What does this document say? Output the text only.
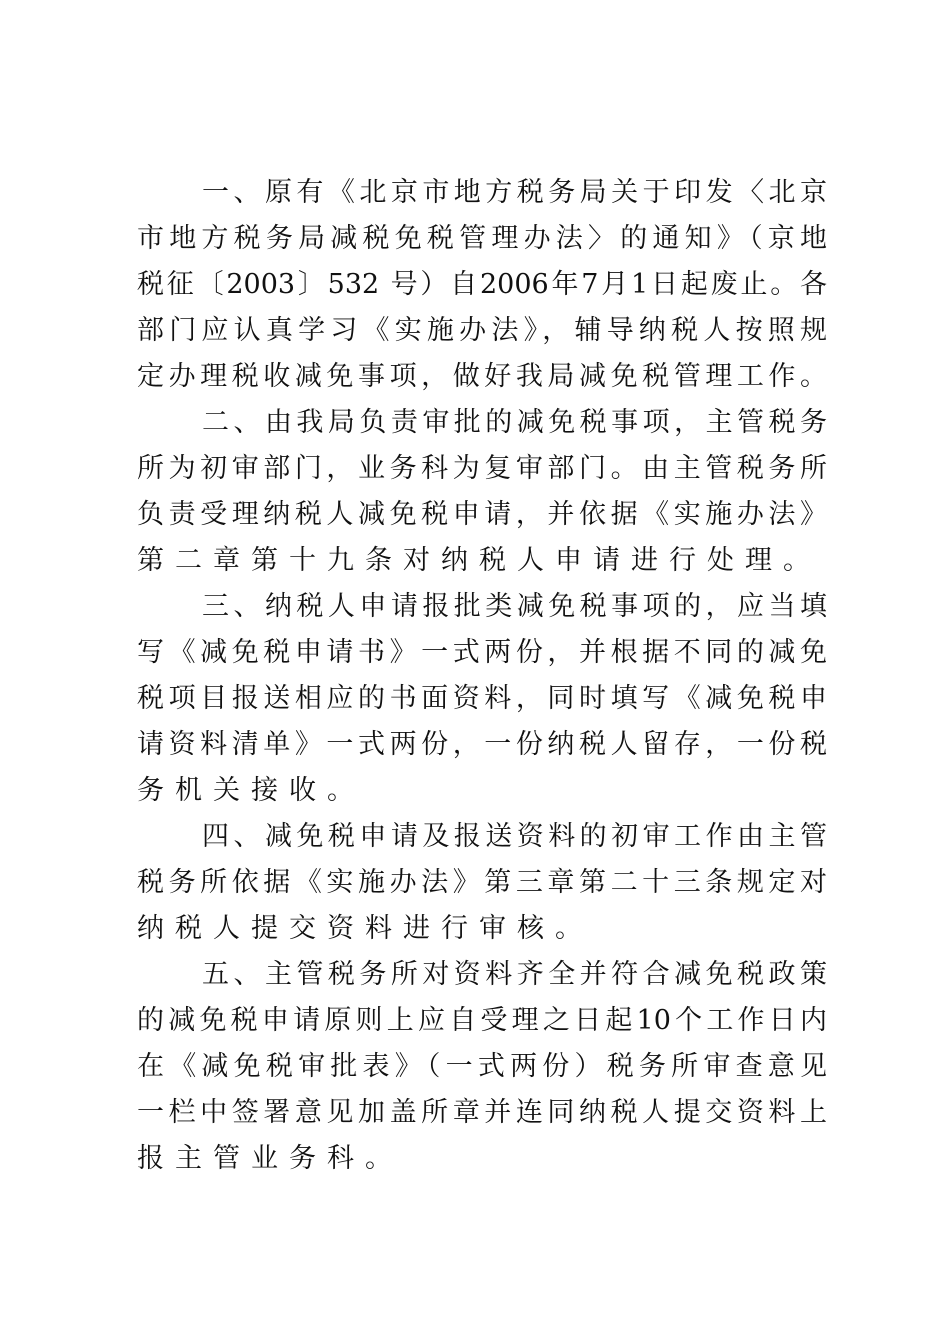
一、原有《北京市地方税务局关于印发〈北京
市地方税务局减税免税管理办法〉的通知》（京地
税征〔2003〕532 号）自2006年7月1日起废止。各
部门应认真学习《实施办法》，辅导纳税人按照规
定办理税收减免事项，做好我局减免税管理工作。
二、由我局负责审批的减免税事项，主管税务
所为初审部门，业务科为复审部门。由主管税务所
负责受理纳税人减免税申请，并依据《实施办法》
第二章第十九条对纳税人申请进行处理。
三、纳税人申请报批类减免税事项的，应当填
写《减免税申请书》一式两份，并根据不同的减免
税项目报送相应的书面资料，同时填写《减免税申
请资料清单》一式两份，一份纳税人留存，一份税
务机关接收。
四、减免税申请及报送资料的初审工作由主管
税务所依据《实施办法》第三章第二十三条规定对
纳税人提交资料进行审核。
五、主管税务所对资料齐全并符合减免税政策
的减免税申请原则上应自受理之日起10个工作日内
在《减免税审批表》（一式两份）税务所审查意见
一栏中签署意见加盖所章并连同纳税人提交资料上
报主管业务科。
